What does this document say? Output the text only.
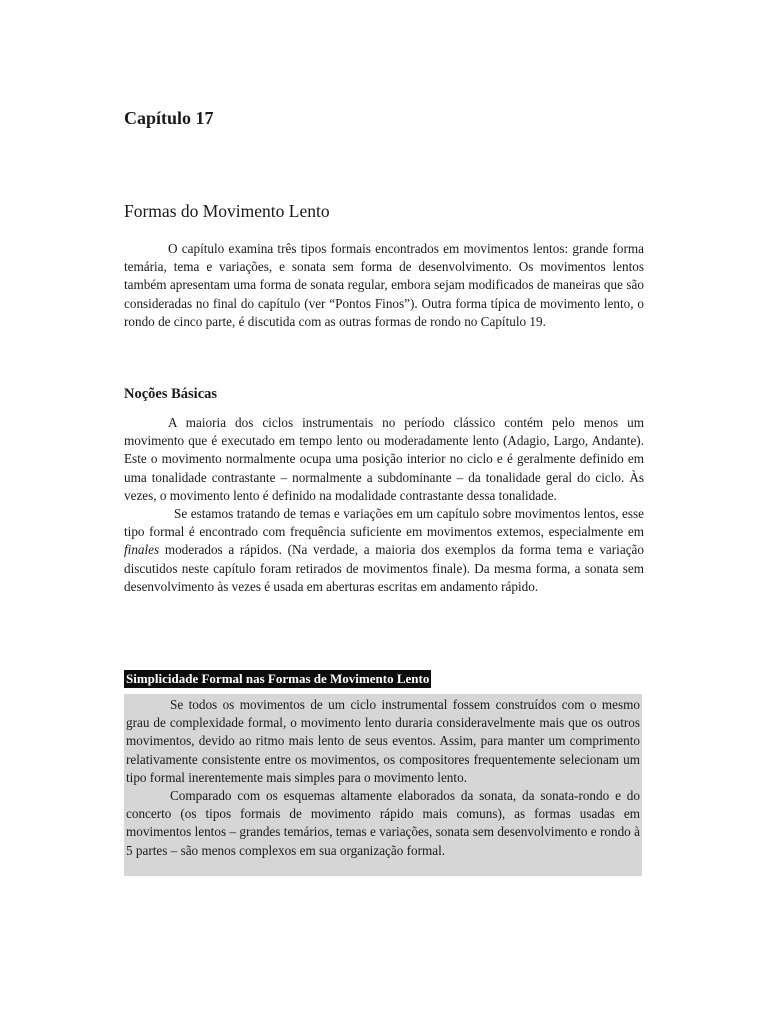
Capítulo 17
Formas do Movimento Lento

O capítulo examina três tipos formais encontrados em movimentos lentos: grande forma temária, tema e variações, e sonata sem forma de desenvolvimento. Os movimentos lentos também apresentam uma forma de sonata regular, embora sejam modificados de maneiras que são consideradas no final do capítulo (ver “Pontos Finos”). Outra forma típica de movimento lento, o rondo de cinco parte, é discutida com as outras formas de rondo no Capítulo 19.

Noções Básicas

A maioria dos ciclos instrumentais no período clássico contém pelo menos um movimento que é executado em tempo lento ou moderadamente lento (Adagio, Largo, Andante). Este o movimento normalmente ocupa uma posição interior no ciclo e é geralmente definido em uma tonalidade contrastante – normalmente a subdominante – da tonalidade geral do ciclo. Às vezes, o movimento lento é definido na modalidade contrastante dessa tonalidade.

Se estamos tratando de temas e variações em um capítulo sobre movimentos lentos, esse tipo formal é encontrado com frequência suficiente em movimentos extemos, especialmente em finales moderados a rápidos. (Na verdade, a maioria dos exemplos da forma tema e variação discutidos neste capítulo foram retirados de movimentos finale). Da mesma forma, a sonata sem desenvolvimento às vezes é usada em aberturas escritas em andamento rápido.

Simplicidade Formal nas Formas de Movimento Lento

Se todos os movimentos de um ciclo instrumental fossem construídos com o mesmo grau de complexidade formal, o movimento lento duraria consideravelmente mais que os outros movimentos, devido ao ritmo mais lento de seus eventos. Assim, para manter um comprimento relativamente consistente entre os movimentos, os compositores frequentemente selecionam um tipo formal inerentemente mais simples para o movimento lento.

Comparado com os esquemas altamente elaborados da sonata, da sonata-rondo e do concerto (os tipos formais de movimento rápido mais comuns), as formas usadas em movimentos lentos – grandes temários, temas e variações, sonata sem desenvolvimento e rondo à 5 partes – são menos complexos em sua organização formal.
